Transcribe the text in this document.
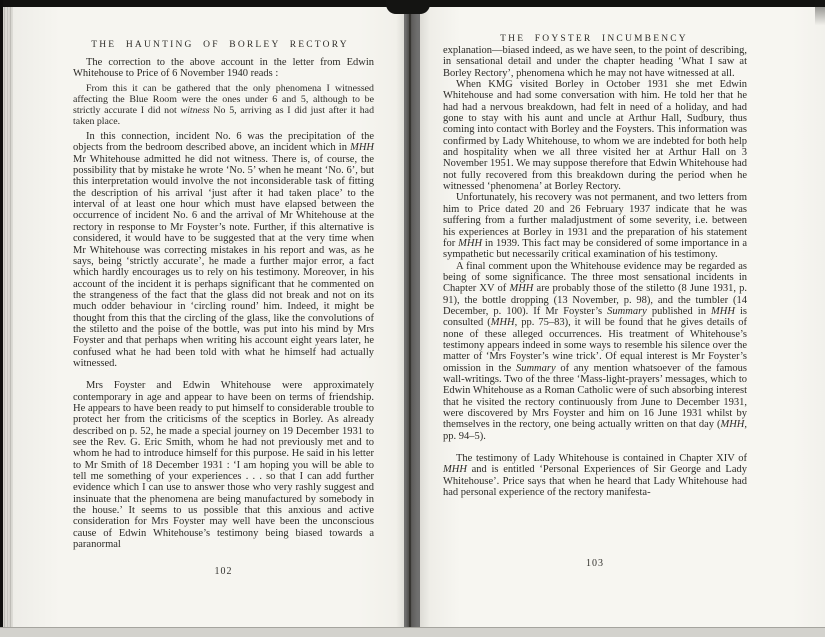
THE HAUNTING OF BORLEY RECTORY

The correction to the above account in the letter from Edwin Whitehouse to Price of 6 November 1940 reads :

From this it can be gathered that the only phenomena I witnessed affecting the Blue Room were the ones under 6 and 5, although to be strictly accurate I did not witness No 5, arriving as I did just after it had taken place.

In this connection, incident No. 6 was the precipitation of the objects from the bedroom described above, an incident which in MHH Mr Whitehouse admitted he did not witness. There is, of course, the possibility that by mistake he wrote ‘No. 5’ when he meant ‘No. 6’, but this interpretation would involve the not inconsiderable task of fitting the description of his arrival ‘just after it had taken place’ to the interval of at least one hour which must have elapsed between the occurrence of incident No. 6 and the arrival of Mr Whitehouse at the rectory in response to Mr Foyster’s note. Further, if this alternative is considered, it would have to be suggested that at the very time when Mr Whitehouse was correcting mistakes in his report and was, as he says, being ‘strictly accurate’, he made a further major error, a fact which hardly encourages us to rely on his testimony. Moreover, in his account of the incident it is perhaps significant that he commented on the strangeness of the fact that the glass did not break and not on its much odder behaviour in ‘circling round’ him. Indeed, it might be thought from this that the circling of the glass, like the convolutions of the stiletto and the poise of the bottle, was put into his mind by Mrs Foyster and that perhaps when writing his account eight years later, he confused what he had been told with what he himself had actually witnessed.

Mrs Foyster and Edwin Whitehouse were approximately contemporary in age and appear to have been on terms of friendship. He appears to have been ready to put himself to considerable trouble to protect her from the criticisms of the sceptics in Borley. As already described on p. 52, he made a special journey on 19 December 1931 to see the Rev. G. Eric Smith, whom he had not previously met and to whom he had to introduce himself for this purpose. He said in his letter to Mr Smith of 18 December 1931 : ‘I am hoping you will be able to tell me something of your experiences . . . so that I can add further evidence which I can use to answer those who very rashly suggest and insinuate that the phenomena are being manufactured by somebody in the house.’ It seems to us possible that this anxious and active consideration for Mrs Foyster may well have been the unconscious cause of Edwin Whitehouse’s testimony being biased towards a paranormal

102
THE FOYSTER INCUMBENCY

explanation—biased indeed, as we have seen, to the point of describing, in sensational detail and under the chapter heading ‘What I saw at Borley Rectory’, phenomena which he may not have witnessed at all.

When KMG visited Borley in October 1931 she met Edwin Whitehouse and had some conversation with him. He told her that he had had a nervous breakdown, had felt in need of a holiday, and had gone to stay with his aunt and uncle at Arthur Hall, Sudbury, thus coming into contact with Borley and the Foysters. This information was confirmed by Lady Whitehouse, to whom we are indebted for both help and hospitality when we all three visited her at Arthur Hall on 3 November 1951. We may suppose therefore that Edwin Whitehouse had not fully recovered from this breakdown during the period when he witnessed ‘phenomena’ at Borley Rectory.

Unfortunately, his recovery was not permanent, and two letters from him to Price dated 20 and 26 February 1937 indicate that he was suffering from a further maladjustment of some severity, i.e. between his experiences at Borley in 1931 and the preparation of his statement for MHH in 1939. This fact may be considered of some importance in a sympathetic but necessarily critical examination of his testimony.

A final comment upon the Whitehouse evidence may be regarded as being of some significance. The three most sensational incidents in Chapter XV of MHH are probably those of the stiletto (8 June 1931, p. 91), the bottle dropping (13 November, p. 98), and the tumbler (14 December, p. 100). If Mr Foyster’s Summary published in MHH is consulted (MHH, pp. 75–83), it will be found that he gives details of none of these alleged occurrences. His treatment of Whitehouse’s testimony appears indeed in some ways to resemble his silence over the matter of ‘Mrs Foyster’s wine trick’. Of equal interest is Mr Foyster’s omission in the Summary of any mention whatsoever of the famous wall-writings. Two of the three ‘Mass-light-prayers’ messages, which to Edwin Whitehouse as a Roman Catholic were of such absorbing interest that he visited the rectory continuously from June to December 1931, were discovered by Mrs Foyster and him on 16 June 1931 whilst by themselves in the rectory, one being actually written on that day (MHH, pp. 94–5).

The testimony of Lady Whitehouse is contained in Chapter XIV of MHH and is entitled ‘Personal Experiences of Sir George and Lady Whitehouse’. Price says that when he heard that Lady Whitehouse had had personal experience of the rectory manifesta-

103
